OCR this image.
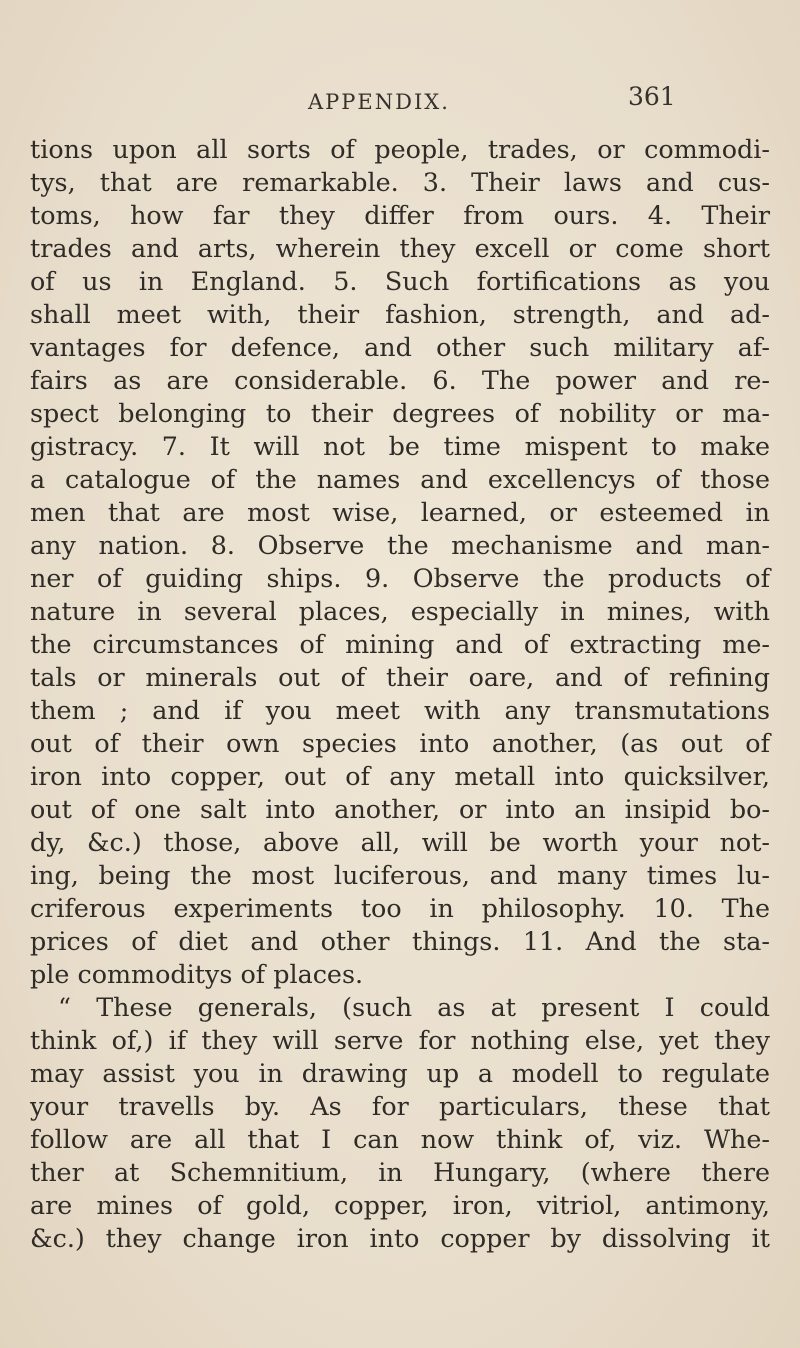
APPENDIX.	361
tions upon all sorts of people, trades, or commodi-
tys, that are remarkable. 3. Their laws and cus-
toms, how far they differ from ours. 4. Their
trades and arts, wherein they excell or come short
of us in England. 5. Such fortifications as you
shall meet with, their fashion, strength, and ad-
vantages for defence, and other such military af-
fairs as are considerable. 6. The power and re-
spect belonging to their degrees of nobility or ma-
gistracy. 7. It will not be time mispent to make
a catalogue of the names and excellencys of those
men that are most wise, learned, or esteemed in
any nation. 8. Observe the mechanisme and man-
ner of guiding ships. 9. Observe the products of
nature in several places, especially in mines, with
the circumstances of mining and of extracting me-
tals or minerals out of their oare, and of refining
them ; and if you meet with any transmutations
out of their own species into another, (as out of
iron into copper, out of any metall into quicksilver,
out of one salt into another, or into an insipid bo-
dy, &c.) those, above all, will be worth your not-
ing, being the most luciferous, and many times lu-
criferous experiments too in philosophy. 10. The
prices of diet and other things. 11. And the sta-
ple commoditys of places.
“ These generals, (such as at present I could
think of,) if they will serve for nothing else, yet they
may assist you in drawing up a modell to regulate
your travells by. As for particulars, these that
follow are all that I can now think of, viz. Whe-
ther at Schemnitium, in Hungary, (where there
are mines of gold, copper, iron, vitriol, antimony,
&c.) they change iron into copper by dissolving it
